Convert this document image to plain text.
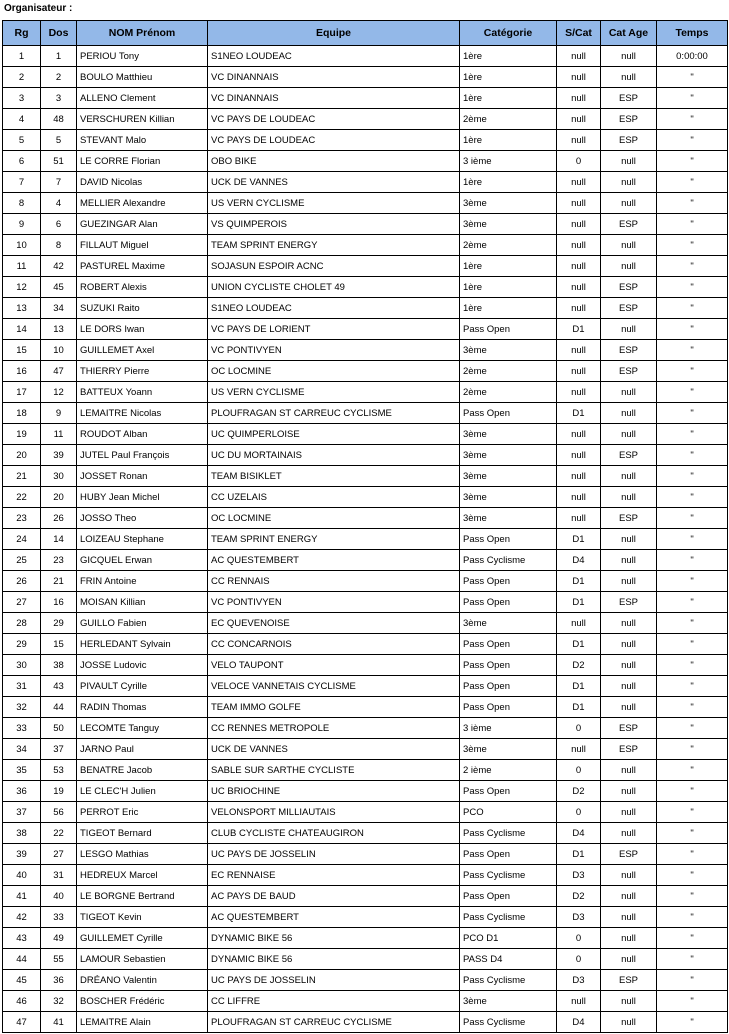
Organisateur :
Rg	Dos	NOM Prénom	Equipe	Catégorie	S/Cat	Cat Age	Temps
1	1	PERIOU Tony	S1NEO LOUDEAC	1ère	null	null	0:00:00
2	2	BOULO Matthieu	VC DINANNAIS	1ère	null	null	"
3	3	ALLENO Clement	VC DINANNAIS	1ère	null	ESP	"
4	48	VERSCHUREN Killian	VC PAYS DE LOUDEAC	2ème	null	ESP	"
5	5	STEVANT Malo	VC PAYS DE LOUDEAC	1ère	null	ESP	"
6	51	LE CORRE Florian	OBO BIKE	3 ième	0	null	"
7	7	DAVID Nicolas	UCK DE VANNES	1ère	null	null	"
8	4	MELLIER Alexandre	US VERN CYCLISME	3ème	null	null	"
9	6	GUEZINGAR Alan	VS QUIMPEROIS	3ème	null	ESP	"
10	8	FILLAUT Miguel	TEAM SPRINT ENERGY	2ème	null	null	"
11	42	PASTUREL Maxime	SOJASUN ESPOIR ACNC	1ère	null	null	"
12	45	ROBERT Alexis	UNION CYCLISTE CHOLET 49	1ère	null	ESP	"
13	34	SUZUKI Raito	S1NEO LOUDEAC	1ère	null	ESP	"
14	13	LE DORS Iwan	VC PAYS DE LORIENT	Pass Open	D1	null	"
15	10	GUILLEMET Axel	VC PONTIVYEN	3ème	null	ESP	"
16	47	THIERRY Pierre	OC LOCMINE	2ème	null	ESP	"
17	12	BATTEUX Yoann	US VERN CYCLISME	2ème	null	null	"
18	9	LEMAITRE Nicolas	PLOUFRAGAN ST CARREUC CYCLISME	Pass Open	D1	null	"
19	11	ROUDOT Alban	UC QUIMPERLOISE	3ème	null	null	"
20	39	JUTEL Paul François	UC DU MORTAINAIS	3ème	null	ESP	"
21	30	JOSSET Ronan	TEAM BISIKLET	3ème	null	null	"
22	20	HUBY Jean Michel	CC UZELAIS	3ème	null	null	"
23	26	JOSSO Theo	OC LOCMINE	3ème	null	ESP	"
24	14	LOIZEAU Stephane	TEAM SPRINT ENERGY	Pass Open	D1	null	"
25	23	GICQUEL Erwan	AC QUESTEMBERT	Pass Cyclisme	D4	null	"
26	21	FRIN Antoine	CC RENNAIS	Pass Open	D1	null	"
27	16	MOISAN Killian	VC PONTIVYEN	Pass Open	D1	ESP	"
28	29	GUILLO Fabien	EC QUEVENOISE	3ème	null	null	"
29	15	HERLEDANT Sylvain	CC CONCARNOIS	Pass Open	D1	null	"
30	38	JOSSE Ludovic	VELO TAUPONT	Pass Open	D2	null	"
31	43	PIVAULT Cyrille	VELOCE VANNETAIS CYCLISME	Pass Open	D1	null	"
32	44	RADIN Thomas	TEAM IMMO GOLFE	Pass Open	D1	null	"
33	50	LECOMTE Tanguy	CC RENNES METROPOLE	3 ième	0	ESP	"
34	37	JARNO Paul	UCK DE VANNES	3ème	null	ESP	"
35	53	BENATRE Jacob	SABLE SUR SARTHE CYCLISTE	2 ième	0	null	"
36	19	LE CLEC'H Julien	UC BRIOCHINE	Pass Open	D2	null	"
37	56	PERROT Eric	VELONSPORT MILLIAUTAIS	PCO	0	null	"
38	22	TIGEOT Bernard	CLUB CYCLISTE CHATEAUGIRON	Pass Cyclisme	D4	null	"
39	27	LESGO Mathias	UC PAYS DE JOSSELIN	Pass Open	D1	ESP	"
40	31	HEDREUX Marcel	EC RENNAISE	Pass Cyclisme	D3	null	"
41	40	LE BORGNE Bertrand	AC PAYS DE BAUD	Pass Open	D2	null	"
42	33	TIGEOT Kevin	AC QUESTEMBERT	Pass Cyclisme	D3	null	"
43	49	GUILLEMET Cyrille	DYNAMIC BIKE 56	PCO D1	0	null	"
44	55	LAMOUR Sebastien	DYNAMIC BIKE 56	PASS D4	0	null	"
45	36	DRÉANO Valentin	UC PAYS DE JOSSELIN	Pass Cyclisme	D3	ESP	"
46	32	BOSCHER Frédéric	CC LIFFRE	3ème	null	null	"
47	41	LEMAITRE Alain	PLOUFRAGAN ST CARREUC CYCLISME	Pass Cyclisme	D4	null	"
